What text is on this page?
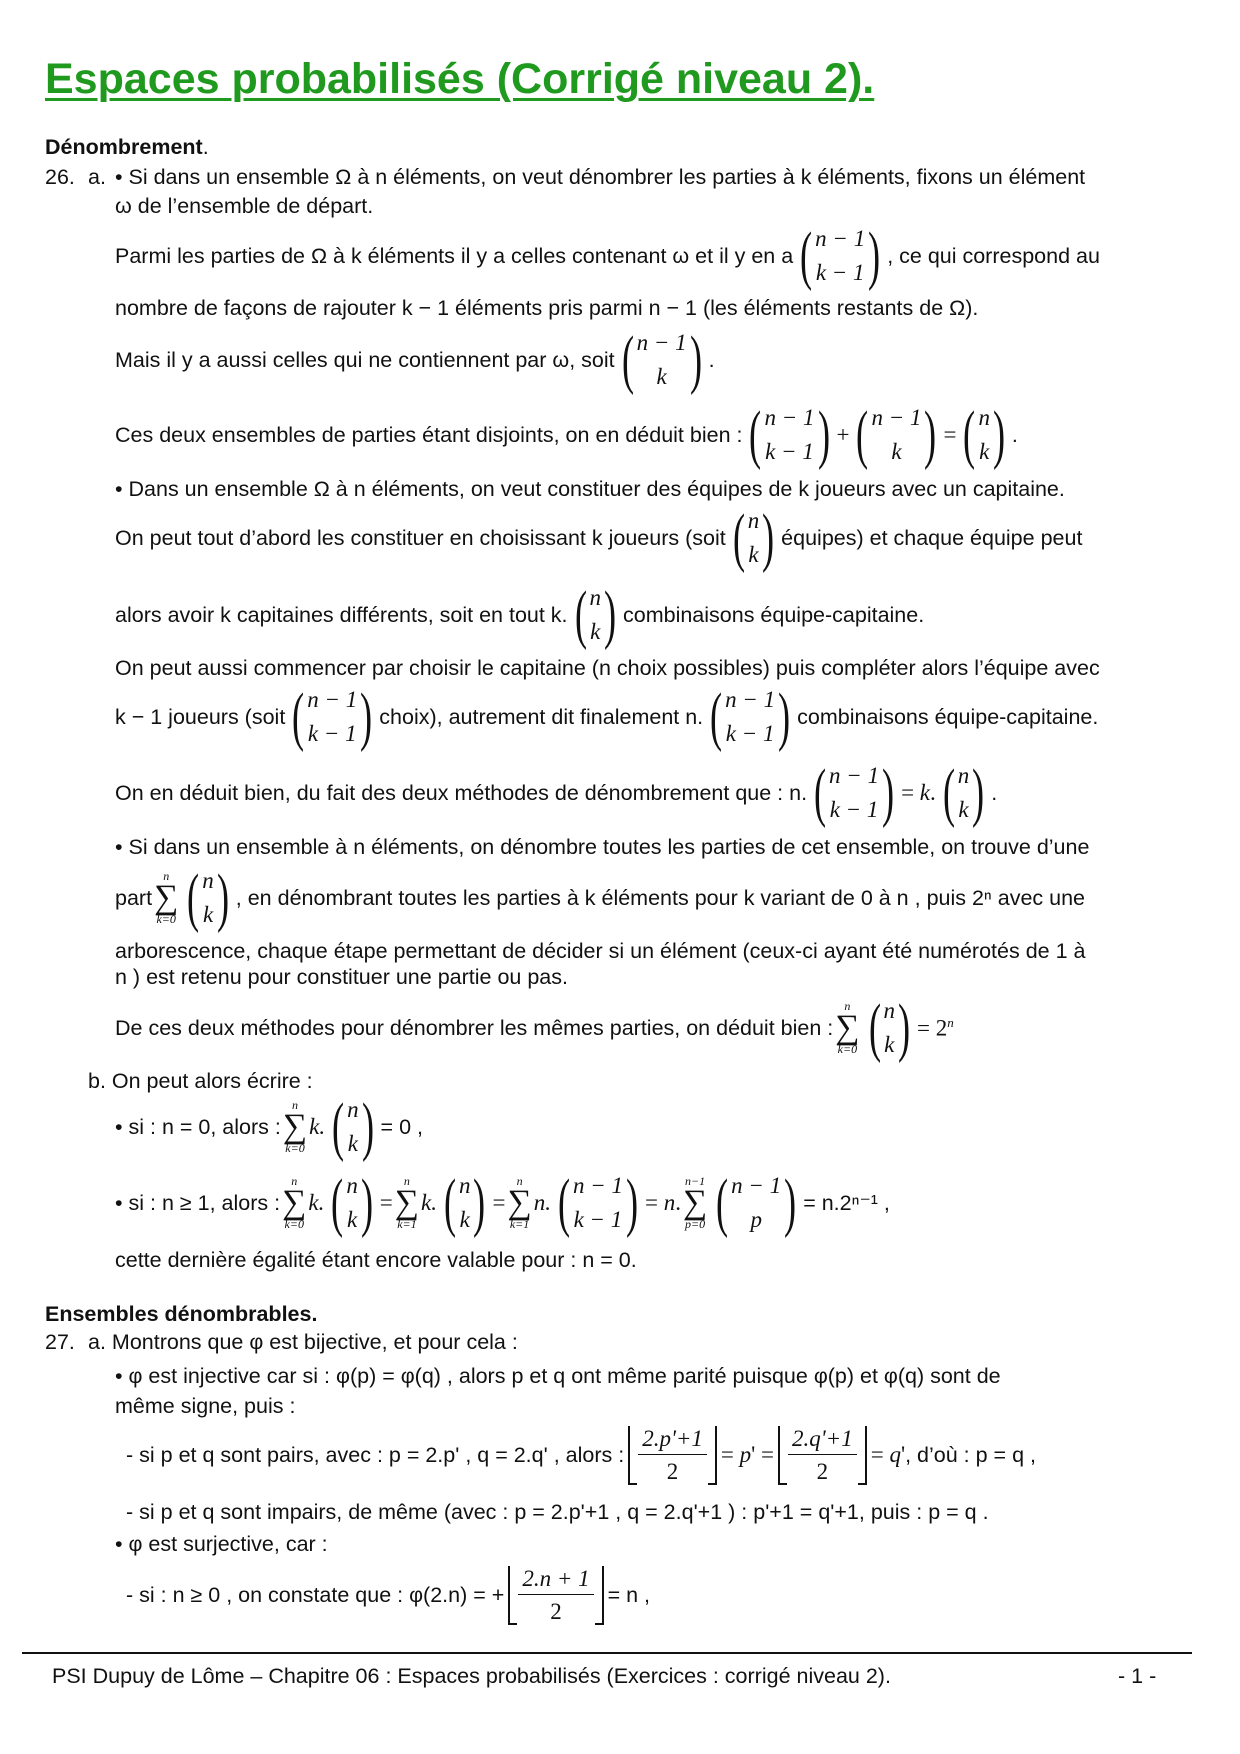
Espaces probabilisés (Corrigé niveau 2).
Dénombrement.
26. a. • Si dans un ensemble Ω à n éléments, on veut dénombrer les parties à k éléments, fixons un élément
ω de l’ensemble de départ.
Parmi les parties de Ω à k éléments il y a celles contenant ω et il y en a ( n − 1
k − 1 ) , ce qui correspond au
nombre de façons de rajouter k − 1 éléments pris parmi n − 1 (les éléments restants de Ω).
Mais il y a aussi celles qui ne contiennent par ω, soit ( n − 1
k ) .
Ces deux ensembles de parties étant disjoints, on en déduit bien : ( n − 1
k − 1 ) + ( n − 1
k ) = ( n
k ) .
• Dans un ensemble Ω à n éléments, on veut constituer des équipes de k joueurs avec un capitaine.
On peut tout d’abord les constituer en choisissant k joueurs (soit ( n
k ) équipes) et chaque équipe peut
alors avoir k capitaines différents, soit en tout k. ( n
k ) combinaisons équipe-capitaine.
On peut aussi commencer par choisir le capitaine (n choix possibles) puis compléter alors l’équipe avec
k − 1 joueurs (soit ( n − 1
k − 1 ) choix), autrement dit finalement n. ( n − 1
k − 1 ) combinaisons équipe-capitaine.
On en déduit bien, du fait des deux méthodes de dénombrement que : n. ( n − 1
k − 1 ) = k. ( n
k ) .
• Si dans un ensemble à n éléments, on dénombre toutes les parties de cet ensemble, on trouve d’une
part
n
∑
k=0 ( n
k ) , en dénombrant toutes les parties à k éléments pour k variant de 0 à n , puis 2ⁿ avec une
arborescence, chaque étape permettant de décider si un élément (ceux-ci ayant été numérotés de 1 à
n ) est retenu pour constituer une partie ou pas.
De ces deux méthodes pour dénombrer les mêmes parties, on déduit bien :
n
∑
k=0 ( n
k ) = $2^n$
b. On peut alors écrire :
• si : n = 0, alors :
n
∑
k=0
k. ( n
k ) = 0 ,
• si : n ≥ 1, alors :
n
∑
k=0
k. ( n
k ) =
n
∑
k=1
k. ( n
k ) =
n
∑
k=1
n. ( n − 1
k − 1 ) = n.
n−1
∑
p=0 ( n − 1
p ) = n.2ⁿ⁻¹ ,
cette dernière égalité étant encore valable pour : n = 0.
Ensembles dénombrables.
27. a. Montrons que φ est bijective, et pour cela :
• φ est injective car si : φ(p) = φ(q) , alors p et q ont même parité puisque φ(p) et φ(q) sont de
même signe, puis :
- si p et q sont pairs, avec : p = 2.p' , q = 2.q' , alors : $\frac{2.p'+1}{2} = p' = \frac{2.q'+1}{2} = q'$ , d’où : p = q ,
- si p et q sont impairs, de même (avec : p = 2.p'+1 , q = 2.q'+1 ) : p'+1 = q'+1, puis : p = q .
• φ est surjective, car :
- si : n ≥ 0 , on constate que : φ(2.n) = + $\frac{2.n + 1}{2} = n$ ,
PSI Dupuy de Lôme – Chapitre 06 : Espaces probabilisés (Exercices : corrigé niveau 2).	- 1 -
